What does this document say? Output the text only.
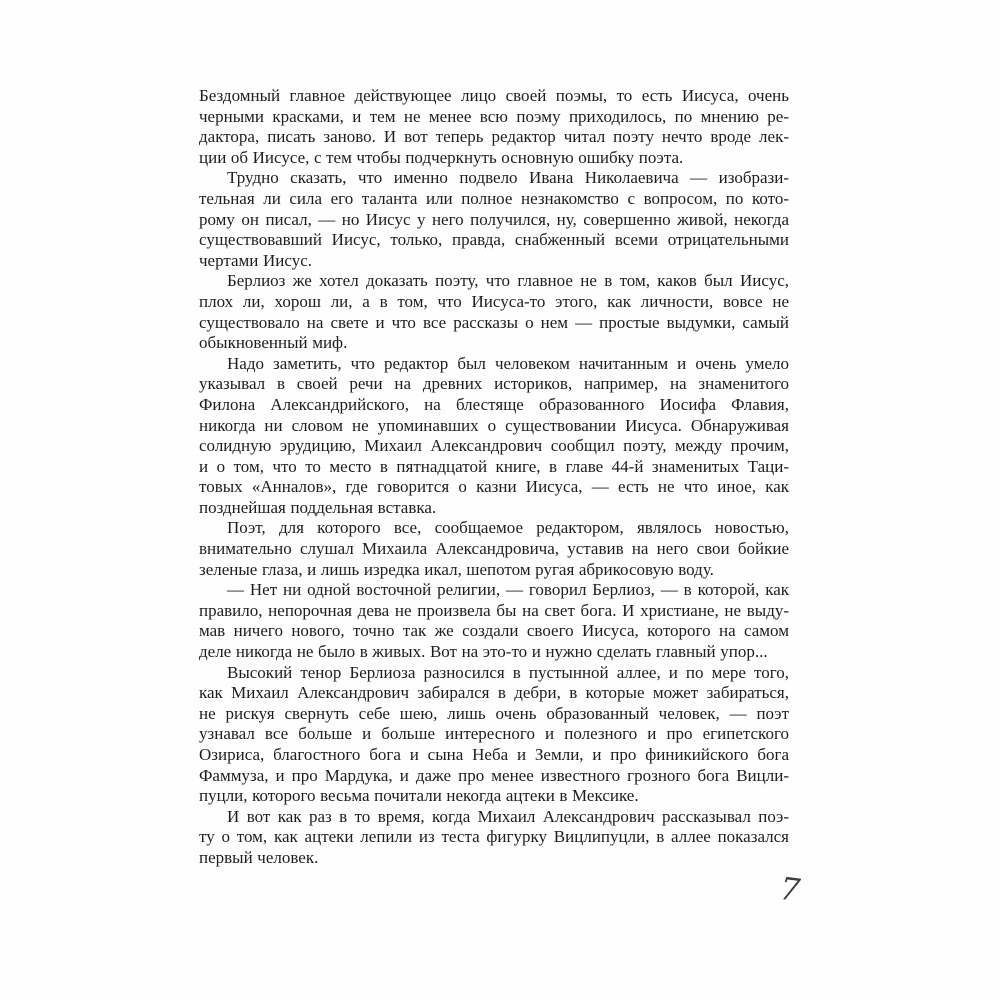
Бездомный главное действующее лицо своей поэмы, то есть Иисуса, очень
черными красками, и тем не менее всю поэму приходилось, по мнению ре-
дактора, писать заново. И вот теперь редактор читал поэту нечто вроде лек-
ции об Иисусе, с тем чтобы подчеркнуть основную ошибку поэта.
Трудно сказать, что именно подвело Ивана Николаевича — изобрази-
тельная ли сила его таланта или полное незнакомство с вопросом, по кото-
рому он писал, — но Иисус у него получился, ну, совершенно живой, некогда
существовавший Иисус, только, правда, снабженный всеми отрицательными
чертами Иисус.
Берлиоз же хотел доказать поэту, что главное не в том, каков был Иисус,
плох ли, хорош ли, а в том, что Иисуса-то этого, как личности, вовсе не
существовало на свете и что все рассказы о нем — простые выдумки, самый
обыкновенный миф.
Надо заметить, что редактор был человеком начитанным и очень умело
указывал в своей речи на древних историков, например, на знаменитого
Филона Александрийского, на блестяще образованного Иосифа Флавия,
никогда ни словом не упоминавших о существовании Иисуса. Обнаруживая
солидную эрудицию, Михаил Александрович сообщил поэту, между прочим,
и о том, что то место в пятнадцатой книге, в главе 44-й знаменитых Таци-
товых «Анналов», где говорится о казни Иисуса, — есть не что иное, как
позднейшая поддельная вставка.
Поэт, для которого все, сообщаемое редактором, являлось новостью,
внимательно слушал Михаила Александровича, уставив на него свои бойкие
зеленые глаза, и лишь изредка икал, шепотом ругая абрикосовую воду.
— Нет ни одной восточной религии, — говорил Берлиоз, — в которой, как
правило, непорочная дева не произвела бы на свет бога. И христиане, не выду-
мав ничего нового, точно так же создали своего Иисуса, которого на самом
деле никогда не было в живых. Вот на это-то и нужно сделать главный упор...
Высокий тенор Берлиоза разносился в пустынной аллее, и по мере того,
как Михаил Александрович забирался в дебри, в которые может забираться,
не рискуя свернуть себе шею, лишь очень образованный человек, — поэт
узнавал все больше и больше интересного и полезного и про египетского
Озириса, благостного бога и сына Неба и Земли, и про финикийского бога
Фаммуза, и про Мардука, и даже про менее известного грозного бога Вицли-
пуцли, которого весьма почитали некогда ацтеки в Мексике.
И вот как раз в то время, когда Михаил Александрович рассказывал поэ-
ту о том, как ацтеки лепили из теста фигурку Вицлипуцли, в аллее показался
первый человек.
7
